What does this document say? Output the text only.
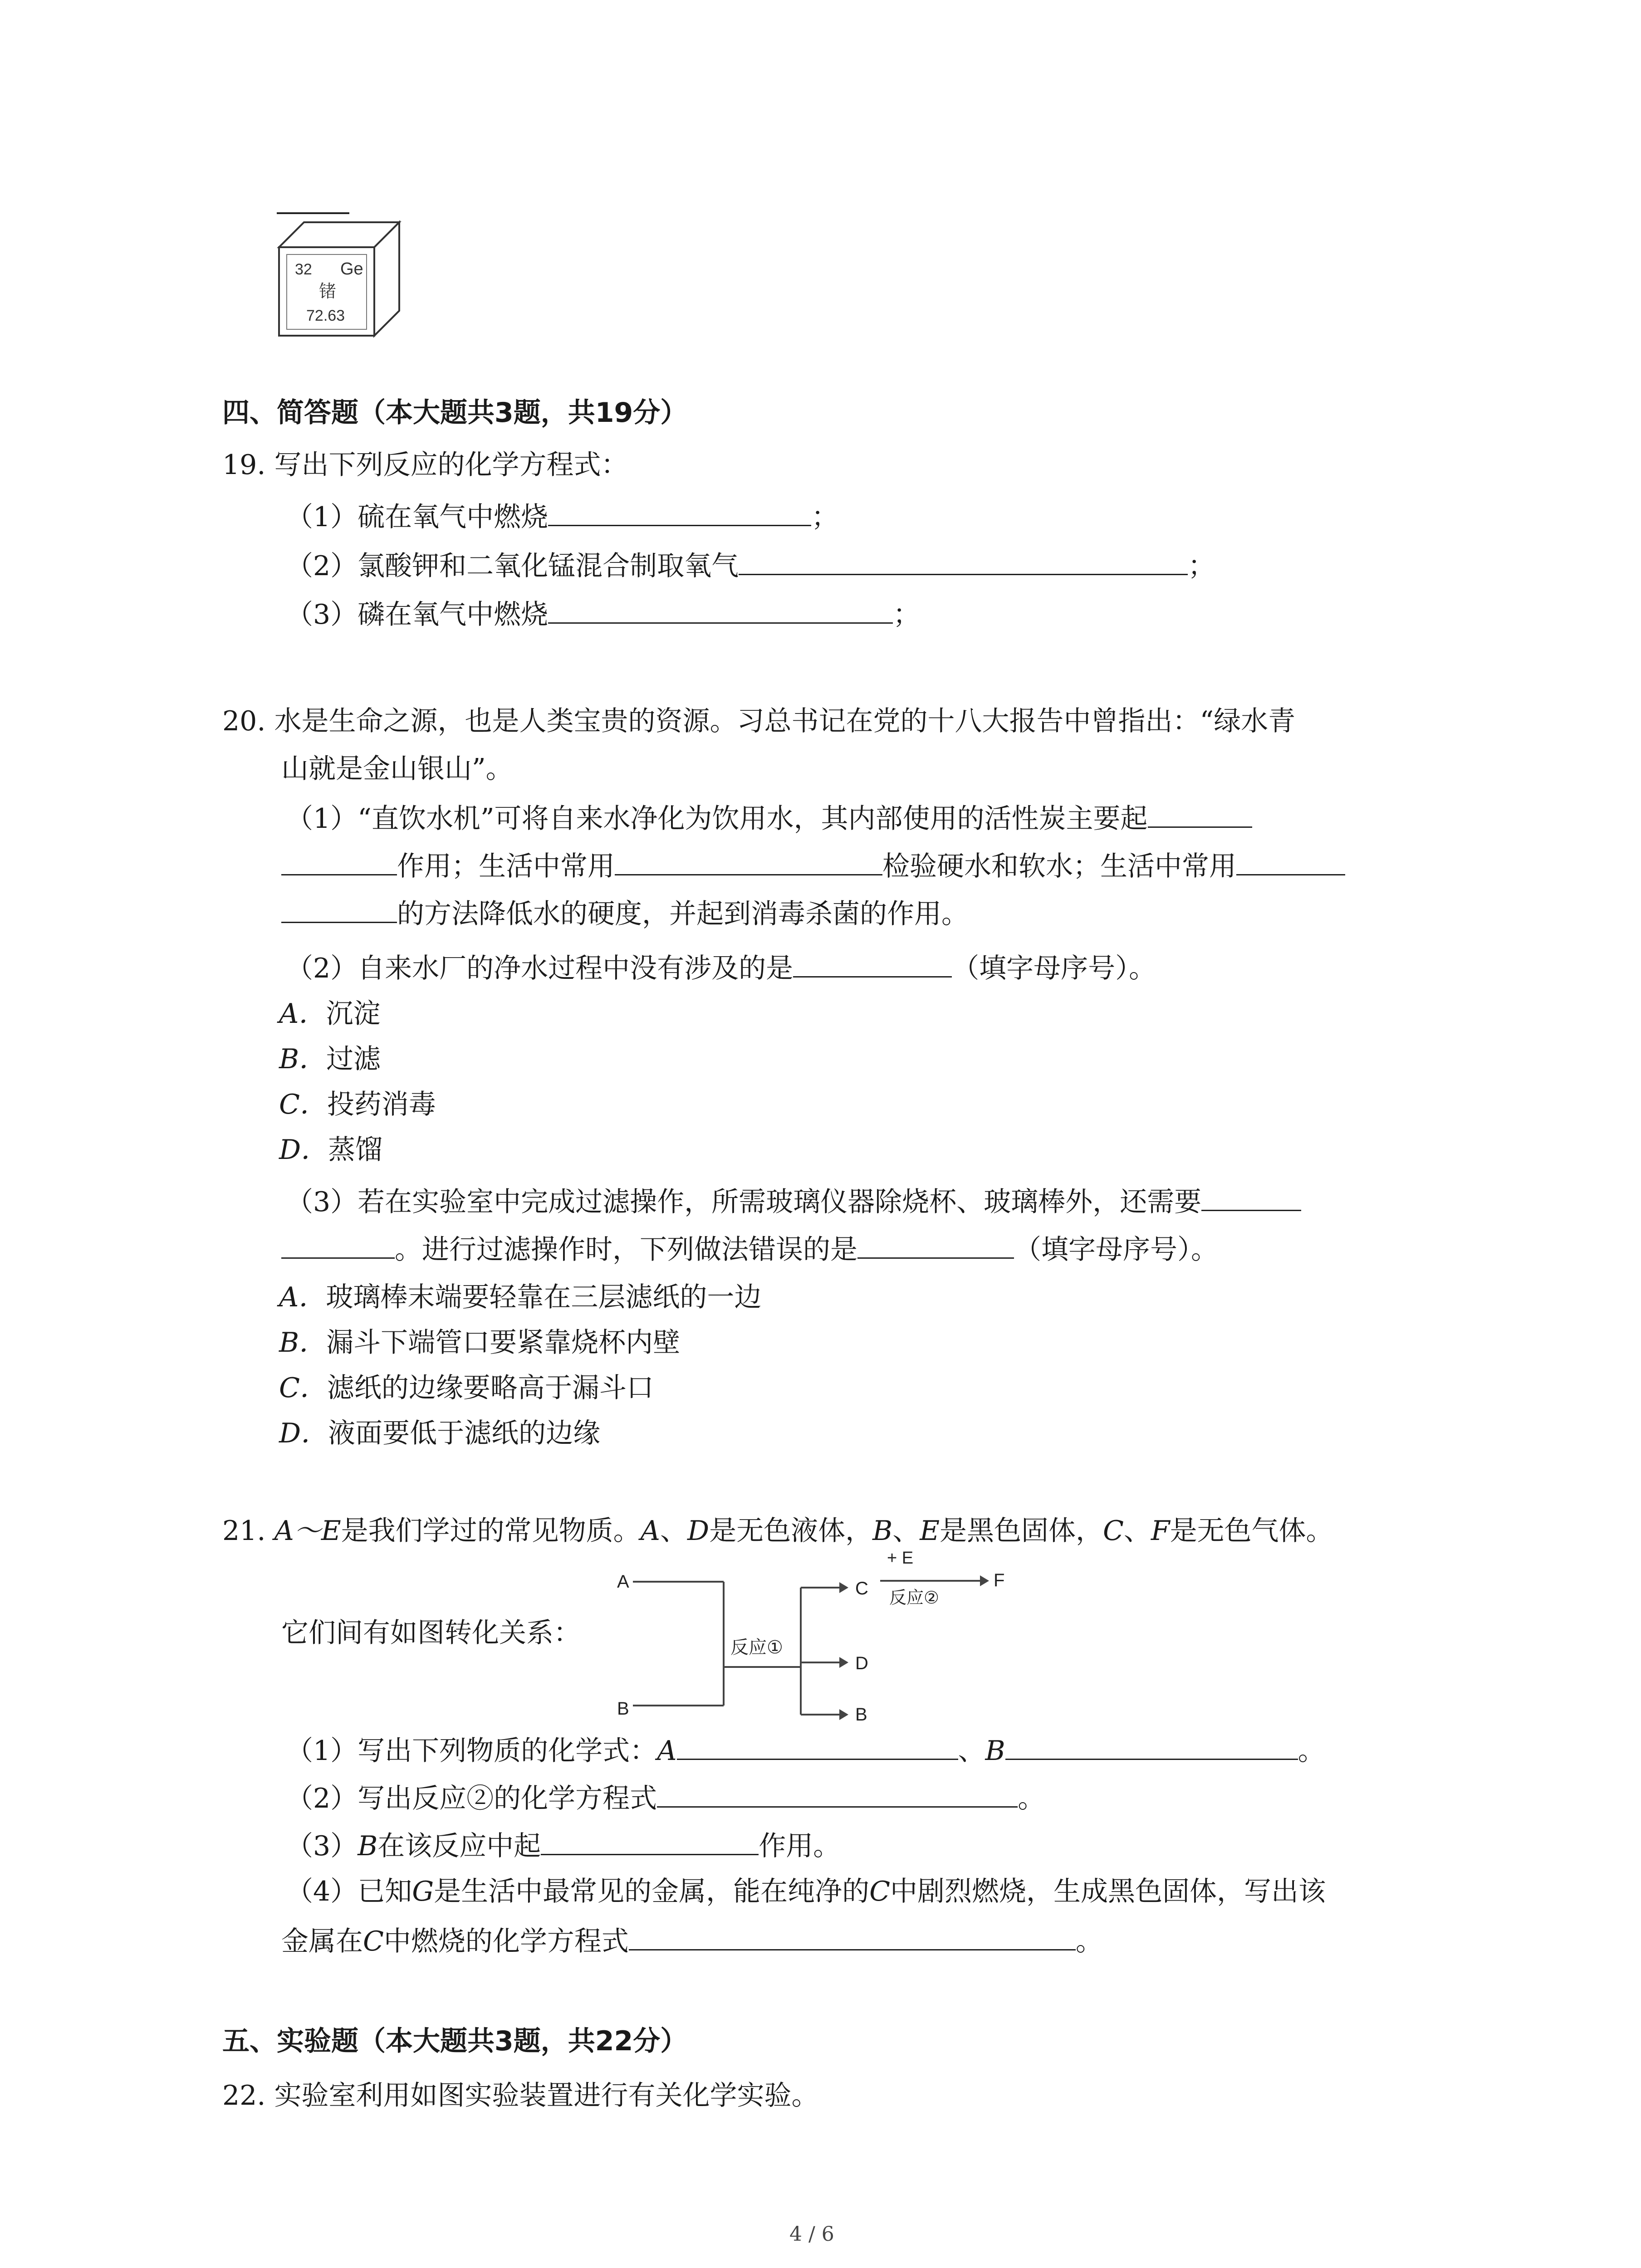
32 Ge
锗
72.63
四、简答题（本大题共3题，共19分）
19. 写出下列反应的化学方程式：
（1）硫在氧气中燃烧	；
（2）氯酸钾和二氧化锰混合制取氧气	；
（3）磷在氧气中燃烧	；
20. 水是生命之源，也是人类宝贵的资源。习总书记在党的十八大报告中曾指出：“绿水青
山就是金山银山”。
（1）“直饮水机”可将自来水净化为饮用水，其内部使用的活性炭主要起
作用；生活中常用	检验硬水和软水；生活中常用
的方法降低水的硬度，并起到消毒杀菌的作用。
（2）自来水厂的净水过程中没有涉及的是	（填字母序号）。
A．沉淀
B．过滤
C．投药消毒
D．蒸馏
（3）若在实验室中完成过滤操作，所需玻璃仪器除烧杯、玻璃棒外，还需要
。进行过滤操作时，下列做法错误的是	（填字母序号）。
A．玻璃棒末端要轻靠在三层滤纸的一边
B．漏斗下端管口要紧靠烧杯内壁
C．滤纸的边缘要略高于漏斗口
D．液面要低于滤纸的边缘
21. A～E是我们学过的常见物质。A、D是无色液体，B、E是黑色固体，C、F是无色气体。
它们间有如图转化关系：
A
B
反应①
C
D
B
+ E
反应②
F
（1）写出下列物质的化学式：A	、B	。
（2）写出反应②的化学方程式	。
（3）B在该反应中起	作用。
（4）已知G是生活中最常见的金属，能在纯净的C中剧烈燃烧，生成黑色固体，写出该
金属在C中燃烧的化学方程式	。
五、实验题（本大题共3题，共22分）
22. 实验室利用如图实验装置进行有关化学实验。
4 / 6
